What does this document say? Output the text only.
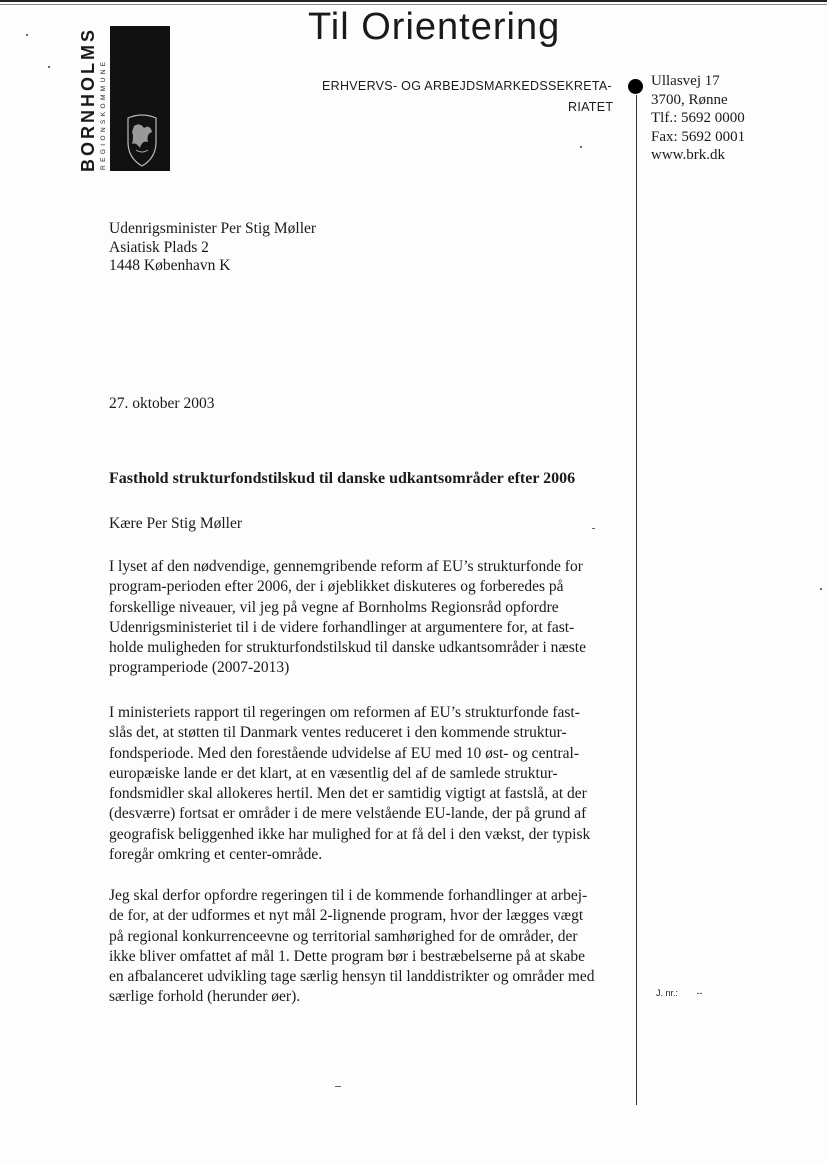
BORNHOLMS REGIONSKOMMUNE
Til Orientering
ERHVERVS- OG ARBEJDSMARKEDSSEKRETA-
RIATET
Ullasvej 17
3700, Rønne
Tlf.: 5692 0000
Fax: 5692 0001
www.brk.dk
Udenrigsminister Per Stig Møller
Asiatisk Plads 2
1448 København K
27. oktober 2003
Fasthold strukturfondstilskud til danske udkantsområder efter 2006
Kære Per Stig Møller
I lyset af den nødvendige, gennemgribende reform af EU’s strukturfonde for
program-perioden efter 2006, der i øjeblikket diskuteres og forberedes på
forskellige niveauer, vil jeg på vegne af Bornholms Regionsråd opfordre
Udenrigsministeriet til i de videre forhandlinger at argumentere for, at fast-
holde muligheden for strukturfondstilskud til danske udkantsområder i næste
programperiode (2007-2013)
I ministeriets rapport til regeringen om reformen af EU’s strukturfonde fast-
slås det, at støtten til Danmark ventes reduceret i den kommende struktur-
fondsperiode. Med den forestående udvidelse af EU med 10 øst- og central-
europæiske lande er det klart, at en væsentlig del af de samlede struktur-
fondsmidler skal allokeres hertil. Men det er samtidig vigtigt at fastslå, at der
(desværre) fortsat er områder i de mere velstående EU-lande, der på grund af
geografisk beliggenhed ikke har mulighed for at få del i den vækst, der typisk
foregår omkring et center-område.
Jeg skal derfor opfordre regeringen til i de kommende forhandlinger at arbej-
de for, at der udformes et nyt mål 2-lignende program, hvor der lægges vægt
på regional konkurrenceevne og territorial samhørighed for de områder, der
ikke bliver omfattet af mål 1. Dette program bør i bestræbelserne på at skabe
en afbalanceret udvikling tage særlig hensyn til landdistrikter og områder med
særlige forhold (herunder øer).	J. nr.: --
